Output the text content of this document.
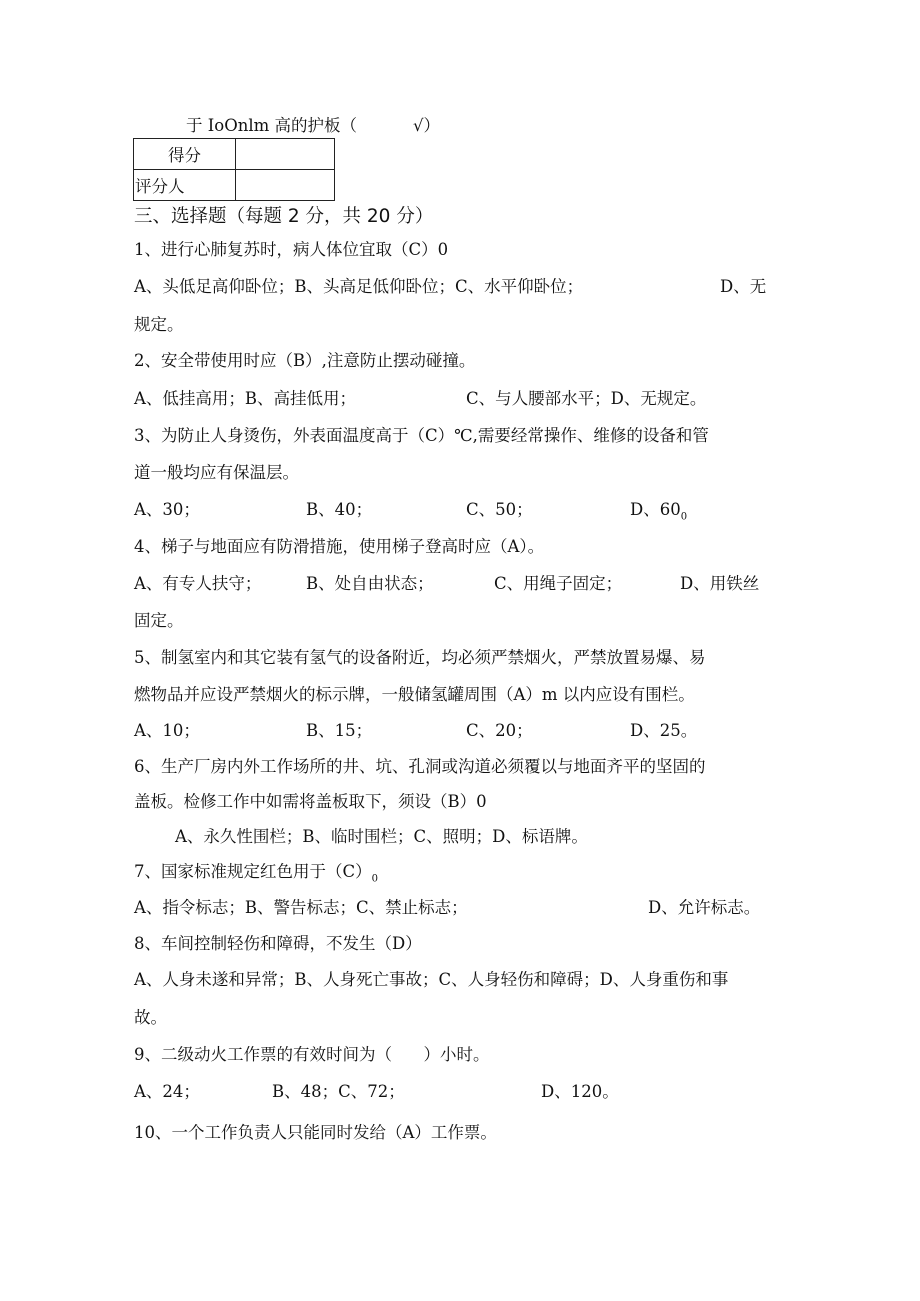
于 IoOnlm 高的护板（	√）
得分	
评分人	
三、选择题（每题 2 分，共 20 分）
1、进行心肺复苏时，病人体位宜取（C）0
A、头低足高仰卧位；B、头高足低仰卧位；C、水平仰卧位；	D、无
规定。
2、安全带使用时应（B）,注意防止摆动碰撞。
A、低挂高用；B、高挂低用；	C、与人腰部水平；D、无规定。
3、为防止人身烫伤，外表面温度高于（C）℃,需要经常操作、维修的设备和管
道一般均应有保温层。
A、30；	B、40；	C、50；	D、$60_0$
4、梯子与地面应有防滑措施，使用梯子登高时应（A）。
A、有专人扶守；	B、处自由状态；	C、用绳子固定；	D、用铁丝
固定。
5、制氢室内和其它装有氢气的设备附近，均必须严禁烟火，严禁放置易爆、易
燃物品并应设严禁烟火的标示牌，一般储氢罐周围（A）m 以内应设有围栏。
A、10；	B、15；	C、20；	D、25。
6、生产厂房内外工作场所的井、坑、孔洞或沟道必须覆以与地面齐平的坚固的
盖板。检修工作中如需将盖板取下，须设（B）0
A、永久性围栏；B、临时围栏；C、照明；D、标语牌。
7、国家标准规定红色用于$(C)_0$
A、指令标志；B、警告标志；C、禁止标志；	D、允许标志。
8、车间控制轻伤和障碍，不发生（D）
A、人身未遂和异常；B、人身死亡事故；C、人身轻伤和障碍；D、人身重伤和事
故。
9、二级动火工作票的有效时间为（      ）小时。
A、24；	B、48；C、72；	D、120。
10、一个工作负责人只能同时发给（A）工作票。
